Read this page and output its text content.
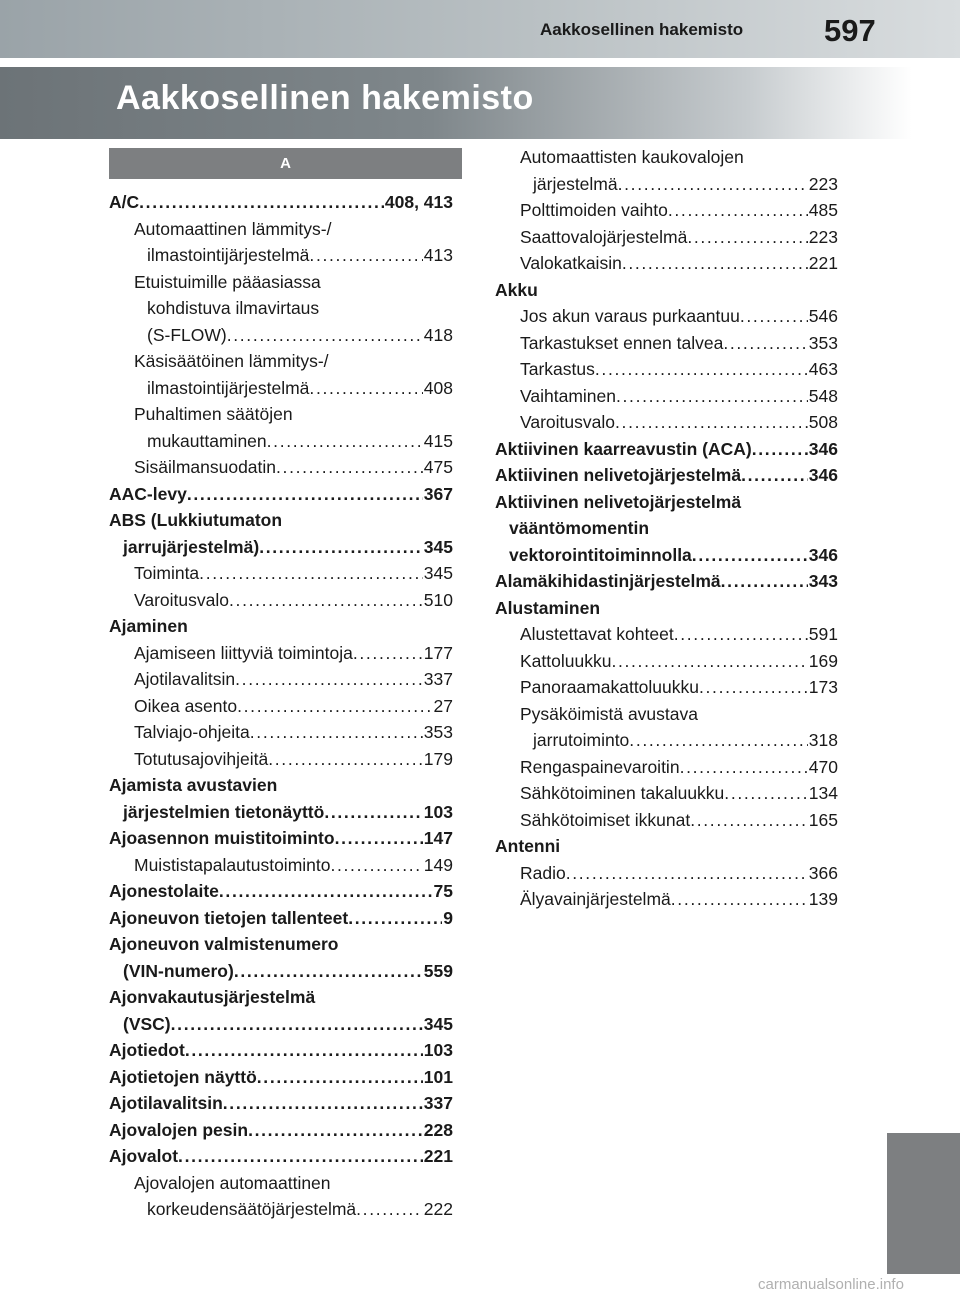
Aakkosellinen hakemisto	597
Aakkosellinen hakemisto
A
A/C . . .	408, 413
Automaattinen lämmitys-/
ilmastointijärjestelmä . . .	413
Etuistuimille pääasiassa
kohdistuva ilmavirtaus
(S-FLOW) . . .	418
Käsisäätöinen lämmitys-/
ilmastointijärjestelmä . . .	408
Puhaltimen säätöjen
mukauttaminen . . .	415
Sisäilmansuodatin . . .	475
AAC-levy . . .	367
ABS (Lukkiutumaton
jarrujärjestelmä) . . .	345
Toiminta . . .	345
Varoitusvalo . . .	510
Ajaminen
Ajamiseen liittyviä toimintoja . . .	177
Ajotilavalitsin . . .	337
Oikea asento . . .	27
Talviajo-ohjeita . . .	353
Totutusajovihjeitä . . .	179
Ajamista avustavien
järjestelmien tietonäyttö . . .	103
Ajoasennon muistitoiminto . . .	147
Muististapalautustoiminto . . .	149
Ajonestolaite . . .	75
Ajoneuvon tietojen tallenteet . . .	9
Ajoneuvon valmistenumero
(VIN-numero) . . .	559
Ajonvakautusjärjestelmä
(VSC) . . .	345
Ajotiedot . . .	103
Ajotietojen näyttö . . .	101
Ajotilavalitsin . . .	337
Ajovalojen pesin . . .	228
Ajovalot . . .	221
Ajovalojen automaattinen
korkeudensäätöjärjestelmä . . .	222
Automaattisten kaukovalojen
järjestelmä . . .	223
Polttimoiden vaihto . . .	485
Saattovalojärjestelmä . . .	223
Valokatkaisin . . .	221
Akku
Jos akun varaus purkaantuu . . .	546
Tarkastukset ennen talvea . . .	353
Tarkastus . . .	463
Vaihtaminen . . .	548
Varoitusvalo . . .	508
Aktiivinen kaarreavustin (ACA) . . .	346
Aktiivinen nelivetojärjestelmä . . .	346
Aktiivinen nelivetojärjestelmä
vääntömomentin
vektorointitoiminnolla . . .	346
Alamäkihidastinjärjestelmä . . .	343
Alustaminen
Alustettavat kohteet . . .	591
Kattoluukku . . .	169
Panoraamakattoluukku . . .	173
Pysäköimistä avustava
jarrutoiminto . . .	318
Rengaspainevaroitin . . .	470
Sähkötoiminen takaluukku . . .	134
Sähkötoimiset ikkunat . . .	165
Antenni
Radio . . .	366
Älyavainjärjestelmä . . .	139
carmanualsonline.info
